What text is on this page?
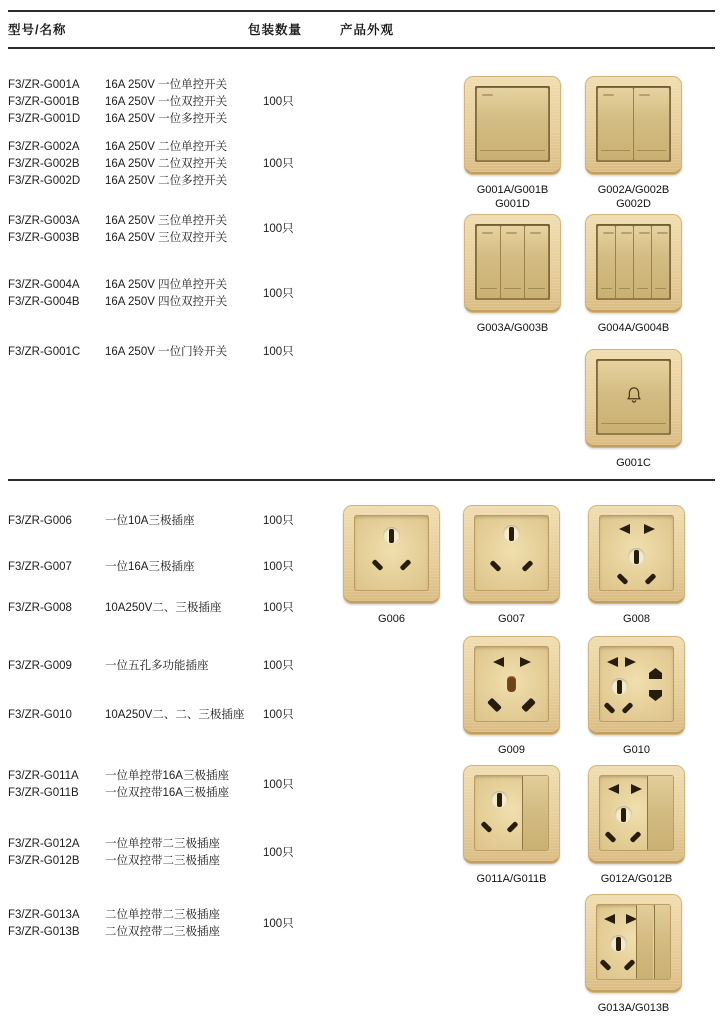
型号/名称	包装数量	产品外观
F3/ZR-G001A	16A 250V 一位单控开关
F3/ZR-G001B	16A 250V 一位双控开关
F3/ZR-G001D	16A 250V 一位多控开关
100只
F3/ZR-G002A	16A 250V 二位单控开关
F3/ZR-G002B	16A 250V 二位双控开关
F3/ZR-G002D	16A 250V 二位多控开关
100只
F3/ZR-G003A	16A 250V 三位单控开关
F3/ZR-G003B	16A 250V 三位双控开关
100只
F3/ZR-G004A	16A 250V 四位单控开关
F3/ZR-G004B	16A 250V 四位双控开关
100只
F3/ZR-G001C	16A 250V 一位门铃开关	100只
G001A/G001B
G001D
G002A/G002B
G002D
G003A/G003B	G004A/G004B
G001C
F3/ZR-G006	一位10A三极插座	100只
F3/ZR-G007	一位16A三极插座	100只
F3/ZR-G008	10A250V二、三极插座	100只
F3/ZR-G009	一位五孔多功能插座	100只
F3/ZR-G010	10A250V二、二、三极插座 100只
F3/ZR-G011A	一位单控带16A三极插座
F3/ZR-G011B	一位双控带16A三极插座
100只
F3/ZR-G012A	一位单控带二三极插座
F3/ZR-G012B	一位双控带二三极插座
100只
F3/ZR-G013A	二位单控带二三极插座
F3/ZR-G013B	二位双控带二三极插座
100只
G006	G007	G008
G009	G010
G011A/G011B	G012A/G012B
G013A/G013B
